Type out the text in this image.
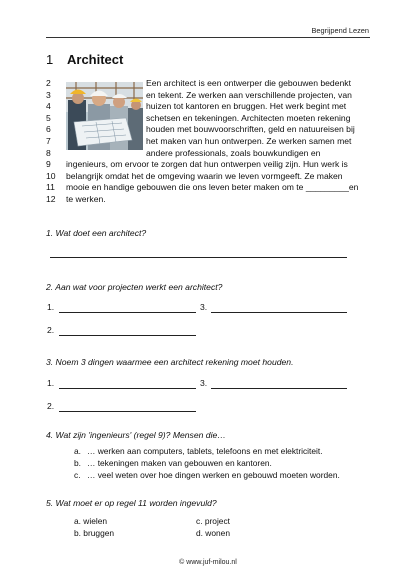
Begrijpend Lezen
1	Architect
2	Een architect is een ontwerper die gebouwen bedenkt
3	en tekent. Ze werken aan verschillende projecten, van
4	huizen tot kantoren en bruggen. Het werk begint met
5	schetsen en tekeningen. Architecten moeten rekening
6	houden met bouwvoorschriften, geld en natuureisen bij
7	het maken van hun ontwerpen. Ze werken samen met
8	andere professionals, zoals bouwkundigen en
9	ingenieurs, om ervoor te zorgen dat hun ontwerpen veilig zijn. Hun werk is
10	belangrijk omdat het de omgeving waarin we leven vormgeeft. Ze maken
11	mooie en handige gebouwen die ons leven beter maken om te _________en
12	te werken.
1. Wat doet een architect?
2. Aan wat voor projecten werkt een architect?
1.	3.
2.
3. Noem 3 dingen waarmee een architect rekening moet houden.
1.	3.
2.
4. Wat zijn 'ingenieurs' (regel 9)? Mensen die…
a. … werken aan computers, tablets, telefoons en met elektriciteit.
b. … tekeningen maken van gebouwen en kantoren.
c. … veel weten over hoe dingen werken en gebouwd moeten worden.
5. Wat moet er op regel 11 worden ingevuld?
a. wielen	c. project
b. bruggen	d. wonen
© www.juf-milou.nl
